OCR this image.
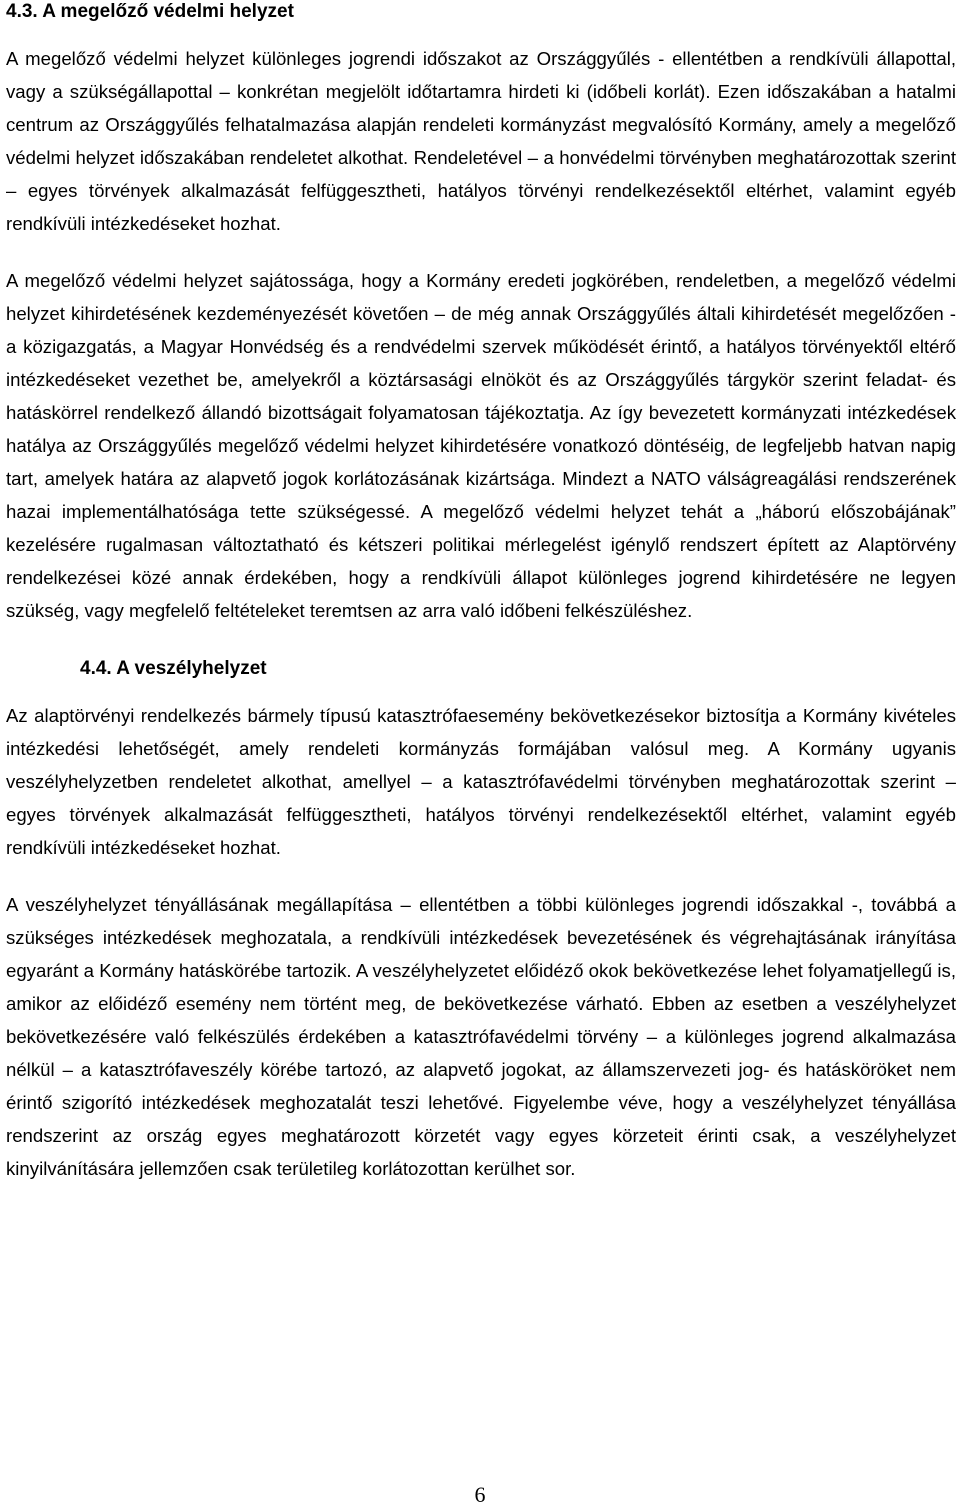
4.3. A megelőző védelmi helyzet

A megelőző védelmi helyzet különleges jogrendi időszakot az Országgyűlés - ellentétben a rendkívüli állapottal, vagy a szükségállapottal – konkrétan megjelölt időtartamra hirdeti ki (időbeli korlát). Ezen időszakában a hatalmi centrum az Országgyűlés felhatalmazása alapján rendeleti kormányzást megvalósító Kormány, amely a megelőző védelmi helyzet időszakában rendeletet alkothat. Rendeletével – a honvédelmi törvényben meghatározottak szerint – egyes törvények alkalmazását felfüggesztheti, hatályos törvényi rendelkezésektől eltérhet, valamint egyéb rendkívüli intézkedéseket hozhat.

A megelőző védelmi helyzet sajátossága, hogy a Kormány eredeti jogkörében, rendeletben, a megelőző védelmi helyzet kihirdetésének kezdeményezését követően – de még annak Országgyűlés általi kihirdetését megelőzően - a közigazgatás, a Magyar Honvédség és a rendvédelmi szervek működését érintő, a hatályos törvényektől eltérő intézkedéseket vezethet be, amelyekről a köztársasági elnököt és az Országgyűlés tárgykör szerint feladat- és hatáskörrel rendelkező állandó bizottságait folyamatosan tájékoztatja. Az így bevezetett kormányzati intézkedések hatálya az Országgyűlés megelőző védelmi helyzet kihirdetésére vonatkozó döntéséig, de legfeljebb hatvan napig tart, amelyek határa az alapvető jogok korlátozásának kizártsága. Mindezt a NATO válságreagálási rendszerének hazai implementálhatósága tette szükségessé. A megelőző védelmi helyzet tehát a „háború előszobájának” kezelésére rugalmasan változtatható és kétszeri politikai mérlegelést igénylő rendszert épített az Alaptörvény rendelkezései közé annak érdekében, hogy a rendkívüli állapot különleges jogrend kihirdetésére ne legyen szükség, vagy megfelelő feltételeket teremtsen az arra való időbeni felkészüléshez.

4.4. A veszélyhelyzet

Az alaptörvényi rendelkezés bármely típusú katasztrófaesemény bekövetkezésekor biztosítja a Kormány kivételes intézkedési lehetőségét, amely rendeleti kormányzás formájában valósul meg. A Kormány ugyanis veszélyhelyzetben rendeletet alkothat, amellyel – a katasztrófavédelmi törvényben meghatározottak szerint – egyes törvények alkalmazását felfüggesztheti, hatályos törvényi rendelkezésektől eltérhet, valamint egyéb rendkívüli intézkedéseket hozhat.

A veszélyhelyzet tényállásának megállapítása – ellentétben a többi különleges jogrendi időszakkal -, továbbá a szükséges intézkedések meghozatala, a rendkívüli intézkedések bevezetésének és végrehajtásának irányítása egyaránt a Kormány hatáskörébe tartozik. A veszélyhelyzetet előidéző okok bekövetkezése lehet folyamatjellegű is, amikor az előidéző esemény nem történt meg, de bekövetkezése várható. Ebben az esetben a veszélyhelyzet bekövetkezésére való felkészülés érdekében a katasztrófavédelmi törvény – a különleges jogrend alkalmazása nélkül – a katasztrófaveszély körébe tartozó, az alapvető jogokat, az államszervezeti jog- és hatásköröket nem érintő szigorító intézkedések meghozatalát teszi lehetővé. Figyelembe véve, hogy a veszélyhelyzet tényállása rendszerint az ország egyes meghatározott körzetét vagy egyes körzeteit érinti csak, a veszélyhelyzet kinyilvánítására jellemzően csak területileg korlátozottan kerülhet sor.

6
